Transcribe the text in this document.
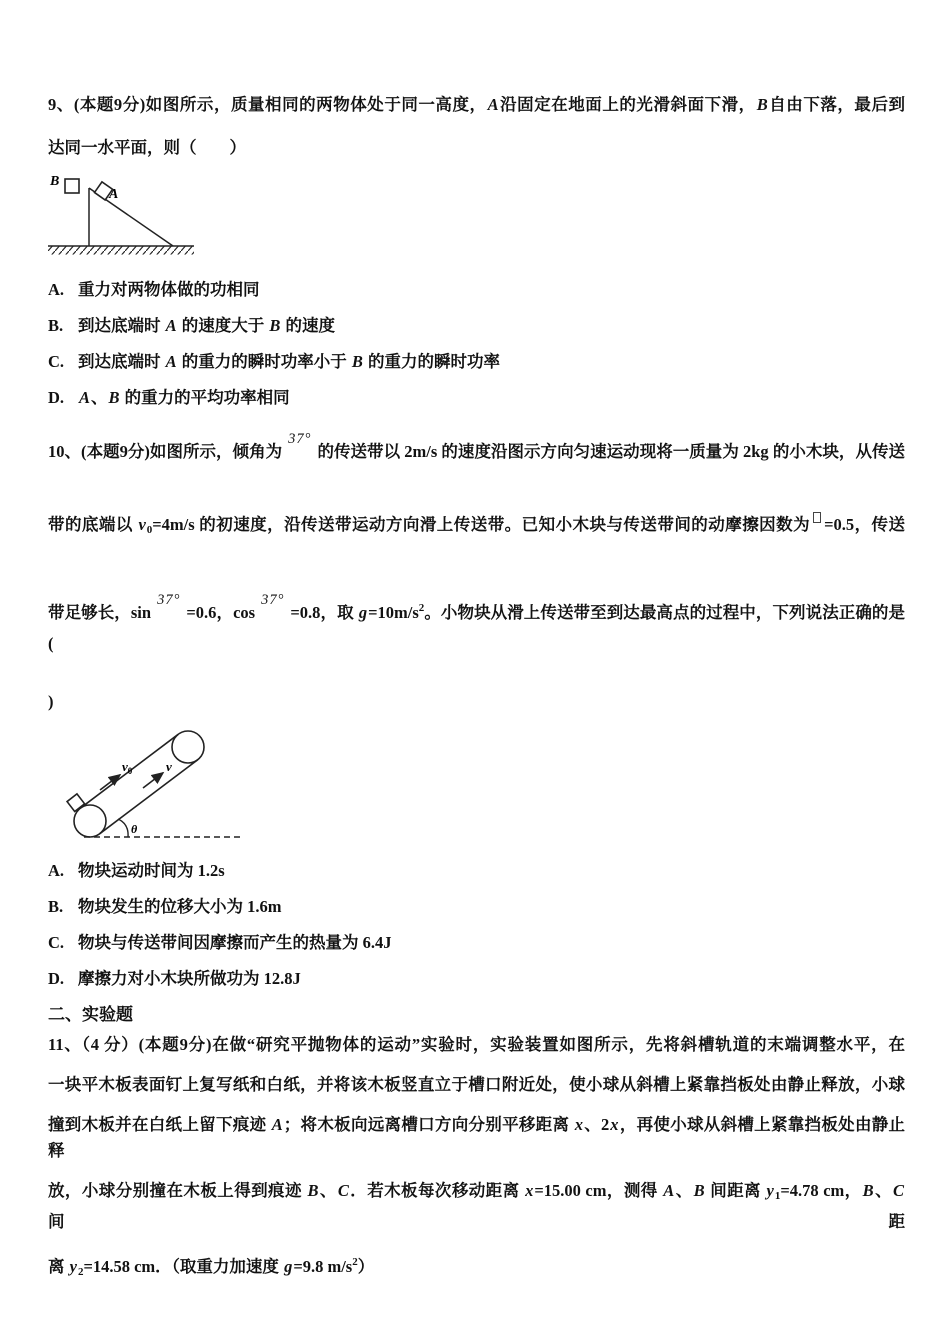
9、(本题9分)如图所示，质量相同的两物体处于同一高度，A沿固定在地面上的光滑斜面下滑，B自由下落，最后到
达同一水平面，则（　　）
B
A
A. 重力对两物体做的功相同
B. 到达底端时 A 的速度大于 B 的速度
C. 到达底端时 A 的重力的瞬时功率小于 B 的重力的瞬时功率
D. A、B 的重力的平均功率相同
10、(本题9分)如图所示，倾角为37°的传送带以 2m/s 的速度沿图示方向匀速运动现将一质量为 2kg 的小木块，从传送
带的底端以 v0=4m/s 的初速度，沿传送带运动方向滑上传送带。已知小木块与传送带间的动摩擦因数为 =0.5，传送
带足够长，sin37°=0.6，cos37°=0.8，取 $g=10m/s^2$。小物块从滑上传送带至到达最高点的过程中，下列说法正确的是(
)
$v_0$	v
θ
A. 物块运动时间为 1.2s
B. 物块发生的位移大小为 1.6m
C. 物块与传送带间因摩擦而产生的热量为 6.4J
D. 摩擦力对小木块所做功为 12.8J
二、实验题
11、（4 分）(本题9分)在做“研究平抛物体的运动”实验时，实验装置如图所示，先将斜槽轨道的末端调整水平，在
一块平木板表面钉上复写纸和白纸，并将该木板竖直立于槽口附近处，使小球从斜槽上紧靠挡板处由静止释放，小球
撞到木板并在白纸上留下痕迹 A；将木板向远离槽口方向分别平移距离 x、2x，再使小球从斜槽上紧靠挡板处由静止释
放，小球分别撞在木板上得到痕迹 B、C．若木板每次移动距离 x=15.00 cm，测得 A、B 间距离 y1=4.78 cm，B、C 间距
离 y2=14.58 cm．（取重力加速度 g=9.8 $m/s^2$）
